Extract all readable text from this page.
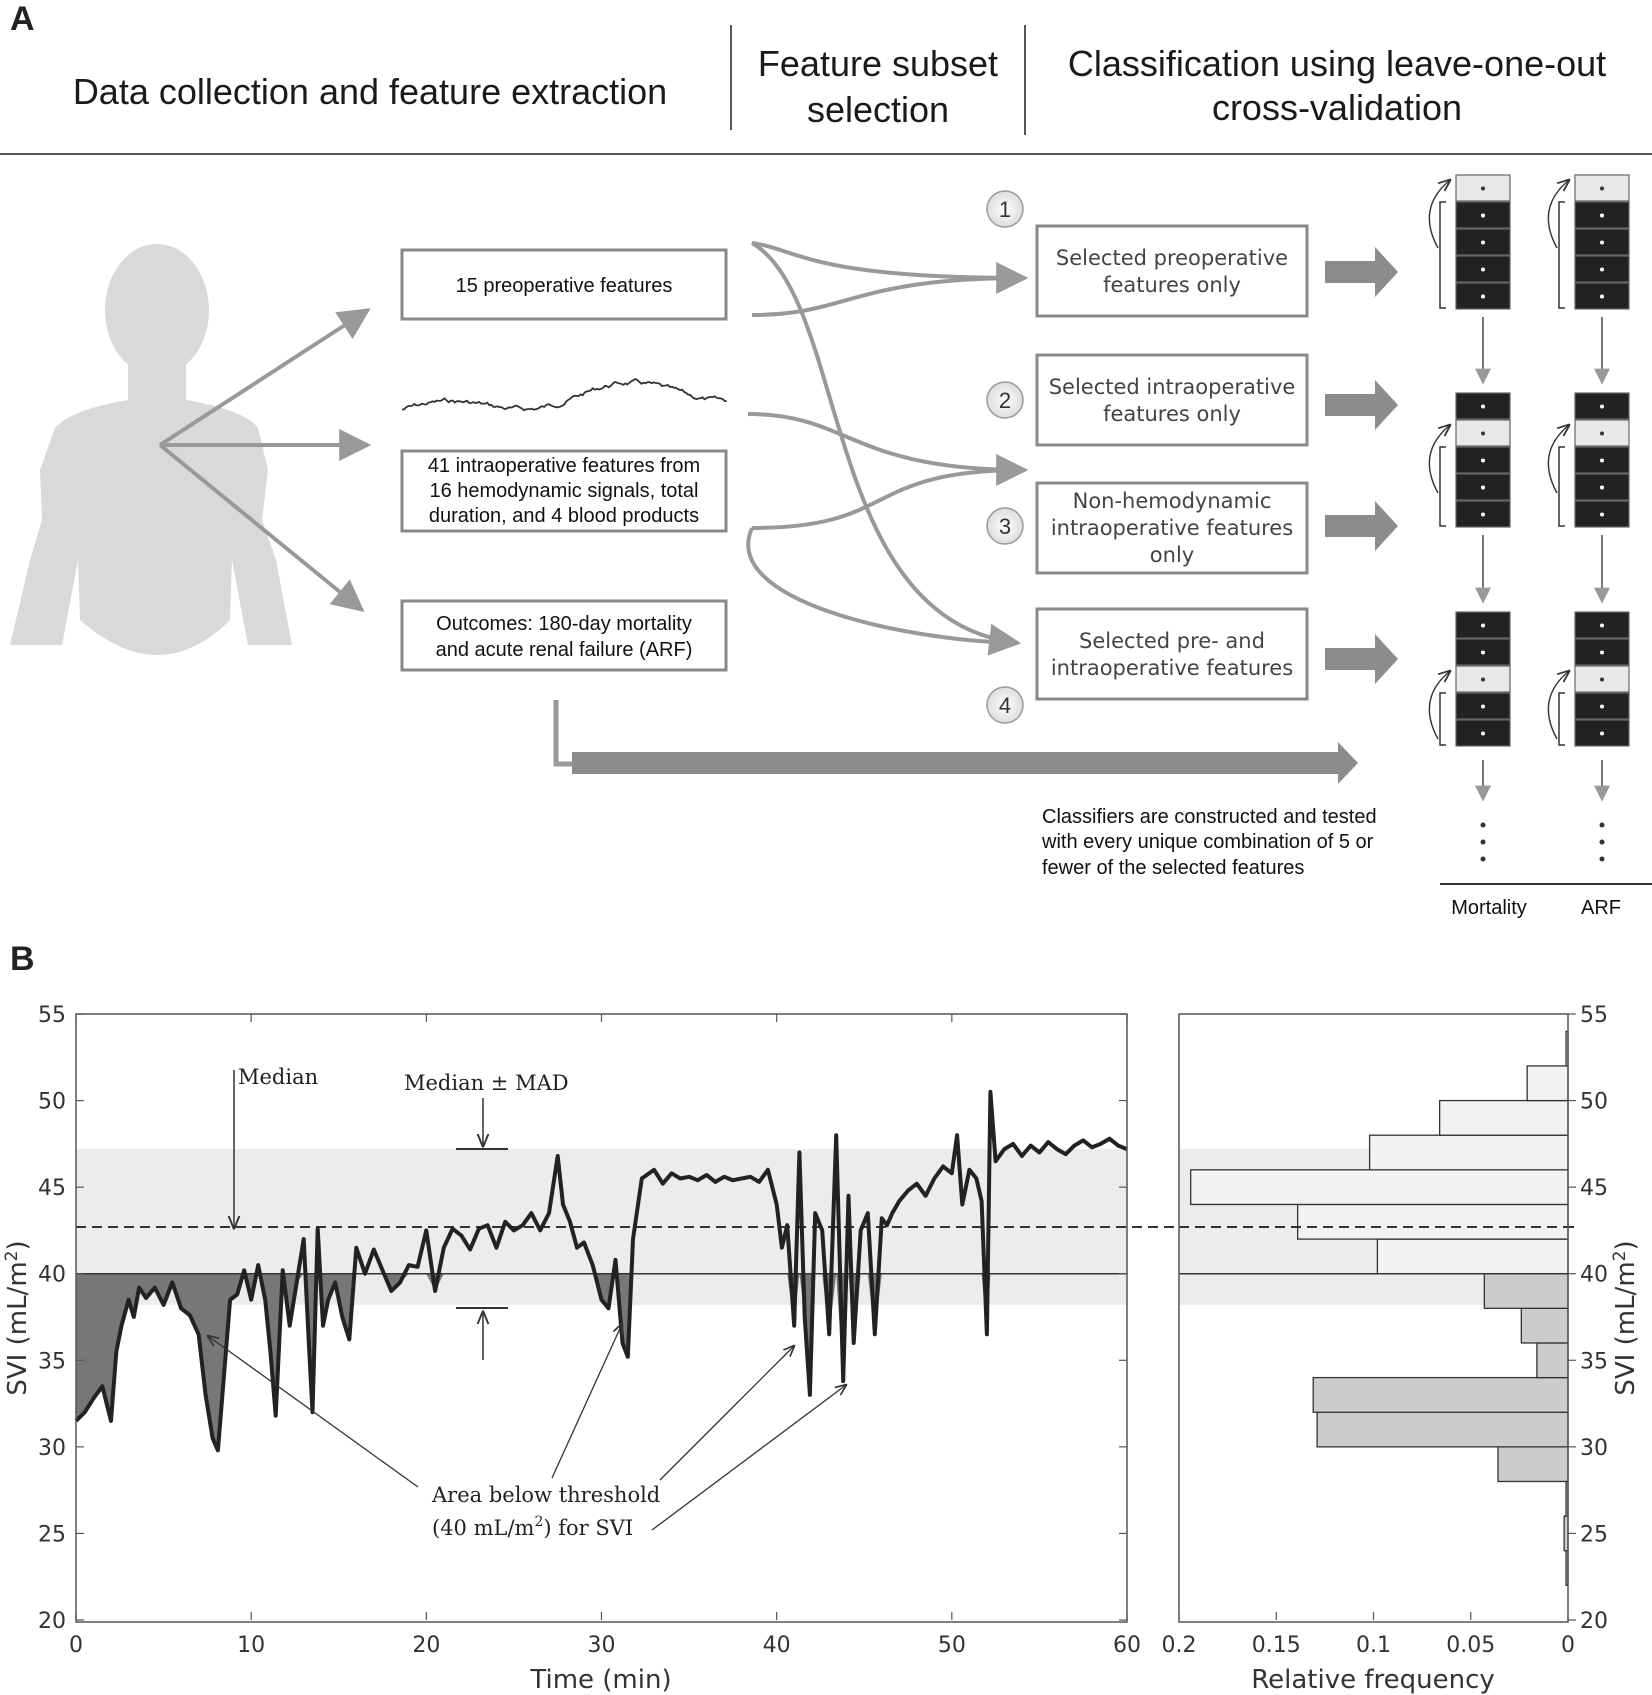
A
Data collection and feature extraction
Feature subset
selection
Classification using leave-one-out
cross-validation
15 preoperative features
41 intraoperative features from
16 hemodynamic signals, total
duration, and 4 blood products
Outcomes: 180-day mortality
and acute renal failure (ARF)
1
2
3
4
Selected preoperative
features only
Selected intraoperative
features only
Non-hemodynamic
intraoperative features
only
Selected pre- and
intraoperative features
Classifiers are constructed and tested
with every unique combination of 5 or
fewer of the selected features
Mortality	ARF
B
0	10	20	30	40	50	60
20
25
30
35
40
45
50
55
Median	Median ± MAD
Area below threshold
(40 $mL/m^2$) for SVI
Time (min)
SVI $(mL/m^2)$
0.2	0.15	0.1	0.05	0
20
25
30
35
40
45
50
55
Relative frequency
SVI $(mL/m^2)$
